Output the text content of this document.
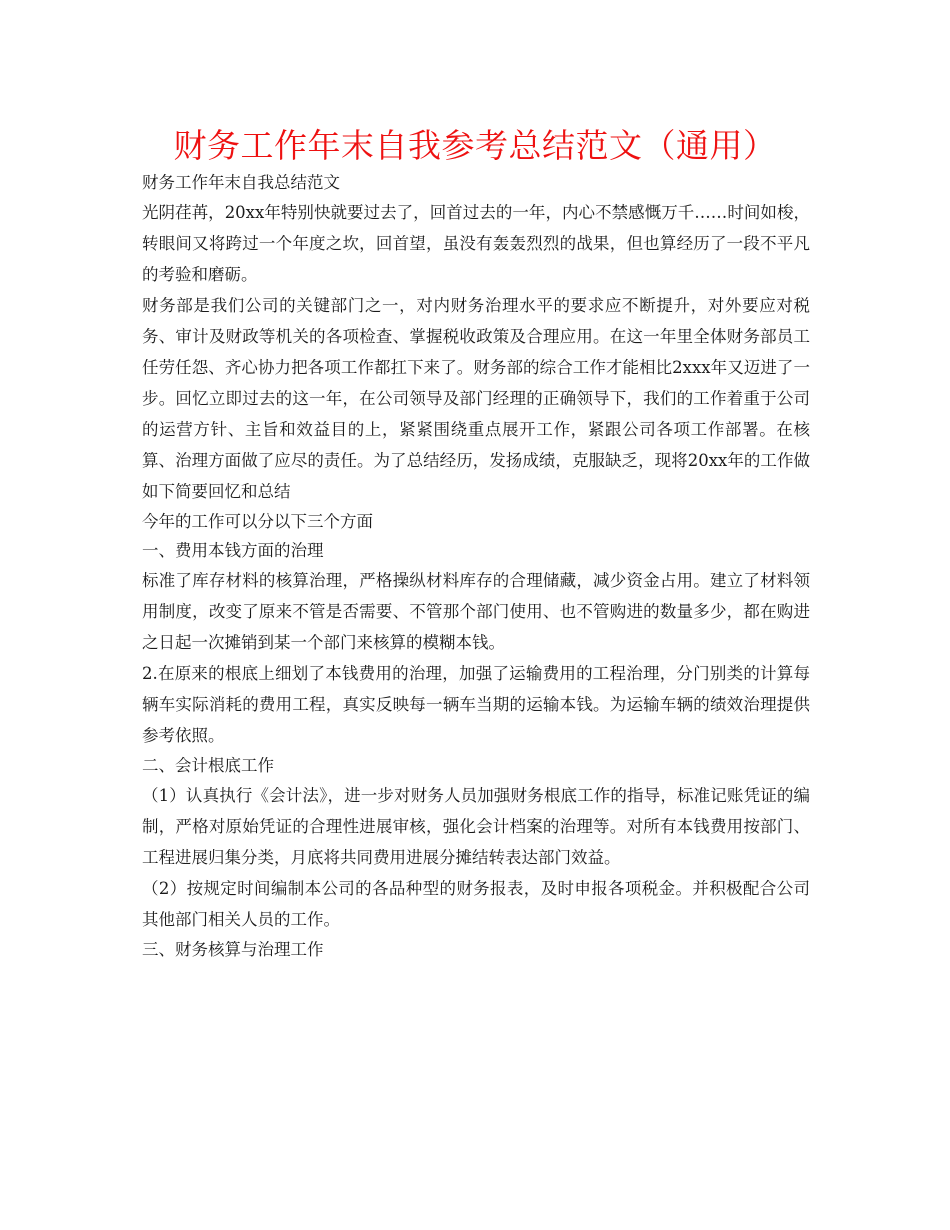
财务工作年末自我参考总结范文（通用）

财务工作年末自我总结范文

光阴荏苒，20xx年特别快就要过去了，回首过去的一年，内心不禁感慨万千……时间如梭，转眼间又将跨过一个年度之坎，回首望，虽没有轰轰烈烈的战果，但也算经历了一段不平凡的考验和磨砺。

财务部是我们公司的关键部门之一，对内财务治理水平的要求应不断提升，对外要应对税务、审计及财政等机关的各项检查、掌握税收政策及合理应用。在这一年里全体财务部员工任劳任怨、齐心协力把各项工作都扛下来了。财务部的综合工作才能相比2xxx年又迈进了一步。回忆立即过去的这一年，在公司领导及部门经理的正确领导下，我们的工作着重于公司的运营方针、主旨和效益目的上，紧紧围绕重点展开工作，紧跟公司各项工作部署。在核算、治理方面做了应尽的责任。为了总结经历，发扬成绩，克服缺乏，现将20xx年的工作做如下简要回忆和总结

今年的工作可以分以下三个方面

一、费用本钱方面的治理

标准了库存材料的核算治理，严格操纵材料库存的合理储藏，减少资金占用。建立了材料领用制度，改变了原来不管是否需要、不管那个部门使用、也不管购进的数量多少，都在购进之日起一次摊销到某一个部门来核算的模糊本钱。

2.在原来的根底上细划了本钱费用的治理，加强了运输费用的工程治理，分门别类的计算每辆车实际消耗的费用工程，真实反映每一辆车当期的运输本钱。为运输车辆的绩效治理提供参考依照。

二、会计根底工作

（1）认真执行《会计法》，进一步对财务人员加强财务根底工作的指导，标准记账凭证的编制，严格对原始凭证的合理性进展审核，强化会计档案的治理等。对所有本钱费用按部门、工程进展归集分类，月底将共同费用进展分摊结转表达部门效益。

（2）按规定时间编制本公司的各品种型的财务报表，及时申报各项税金。并积极配合公司其他部门相关人员的工作。

三、财务核算与治理工作
